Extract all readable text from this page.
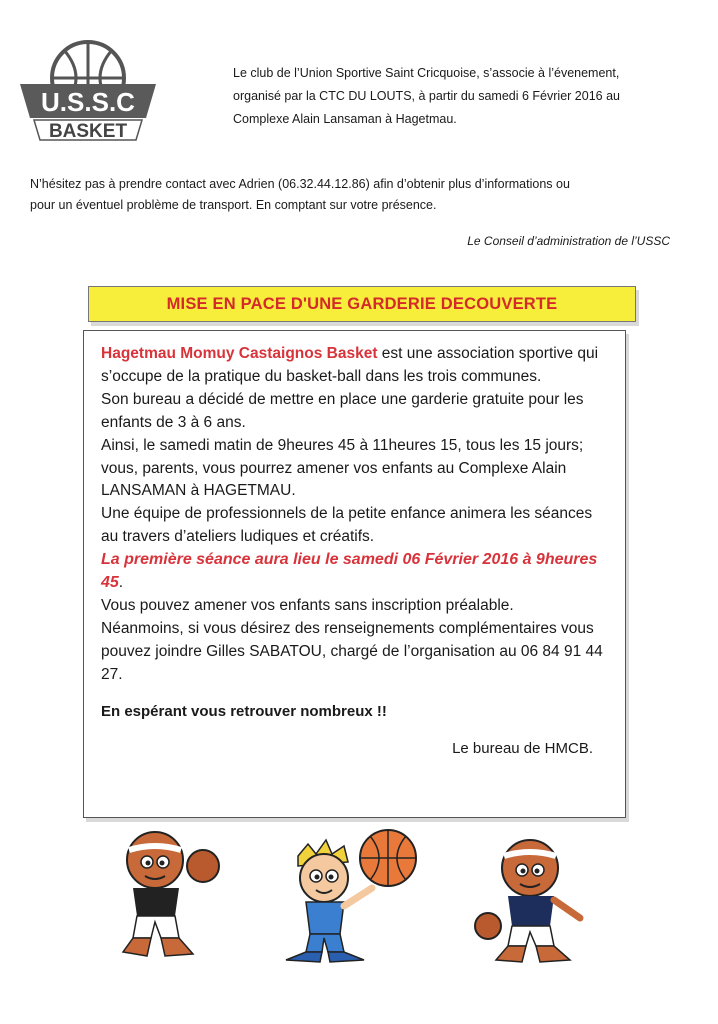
U.S.S.C
BASKET

Le club de l’Union Sportive Saint Cricquoise, s’associe à l’évenement,

organisé par la CTC DU LOUTS, à partir du samedi 6 Février 2016 au

Complexe Alain Lansaman à Hagetmau.

N’hésitez pas à prendre contact avec Adrien (06.32.44.12.86) afin d’obtenir plus d’informations ou

pour un éventuel problème de transport. En comptant sur votre présence.

Le Conseil d’administration de l’USSC
MISE EN PACE D'UNE GARDERIE DECOUVERTE

Hagetmau Momuy Castaignos Basket est une association sportive qui s’occupe de la pratique du basket-ball dans les trois communes.

Son bureau a décidé de mettre en place une garderie gratuite pour les enfants de 3 à 6 ans.

Ainsi, le samedi matin de 9heures 45 à 11heures 15, tous les 15 jours; vous, parents, vous pourrez amener vos enfants au Complexe Alain LANSAMAN à HAGETMAU.

Une équipe de professionnels de la petite enfance animera les séances au travers d’ateliers ludiques et créatifs.

La première séance aura lieu le samedi 06 Février 2016 à 9heures 45.

Vous pouvez amener vos enfants sans inscription préalable.

Néanmoins, si vous désirez des renseignements complémentaires vous pouvez joindre Gilles SABATOU, chargé de l’organisation au 06 84 91 44 27.

En espérant vous retrouver nombreux !!

Le bureau de HMCB.
